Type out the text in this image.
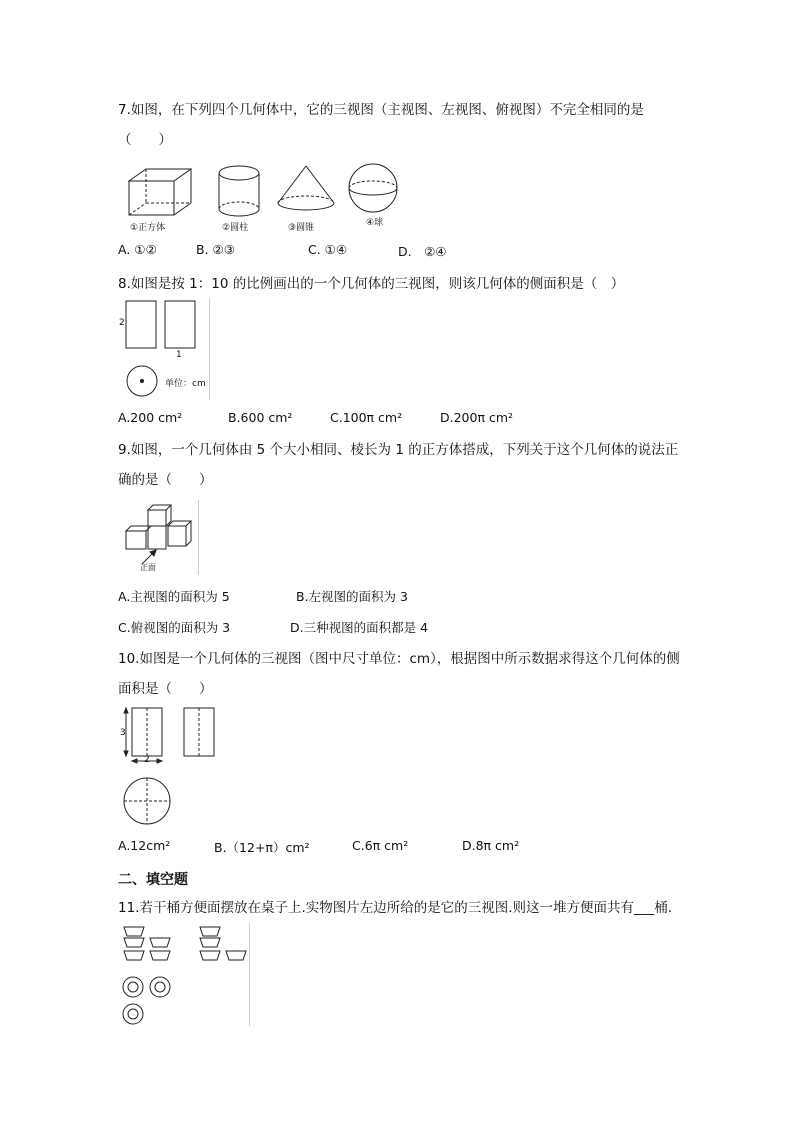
7.如图，在下列四个几何体中，它的三视图（主视图、左视图、俯视图）不完全相同的是
（　　）
①正方体	②圆柱	③圆锥	④球
A. ①②	B. ②③	C. ①④	D.　②④
8.如图是按 1：10 的比例画出的一个几何体的三视图，则该几何体的侧面积是（　）
2
1
单位：cm
A.200 cm²	B.600 cm²	C.100π cm²	D.200π cm²
9.如图，一个几何体由 5 个大小相同、棱长为 1 的正方体搭成，下列关于这个几何体的说法正
确的是（　　）
正面
A.主视图的面积为 5	B.左视图的面积为 3
C.俯视图的面积为 3	D.三种视图的面积都是 4
10.如图是一个几何体的三视图（图中尺寸单位：cm），根据图中所示数据求得这个几何体的侧
面积是（　　）
3
2
A.12cm²	B.（12+π）cm²	C.6π cm²	D.8π cm²
二、填空题
11.若干桶方便面摆放在桌子上.实物图片左边所给的是它的三视图.则这一堆方便面共有___桶.
